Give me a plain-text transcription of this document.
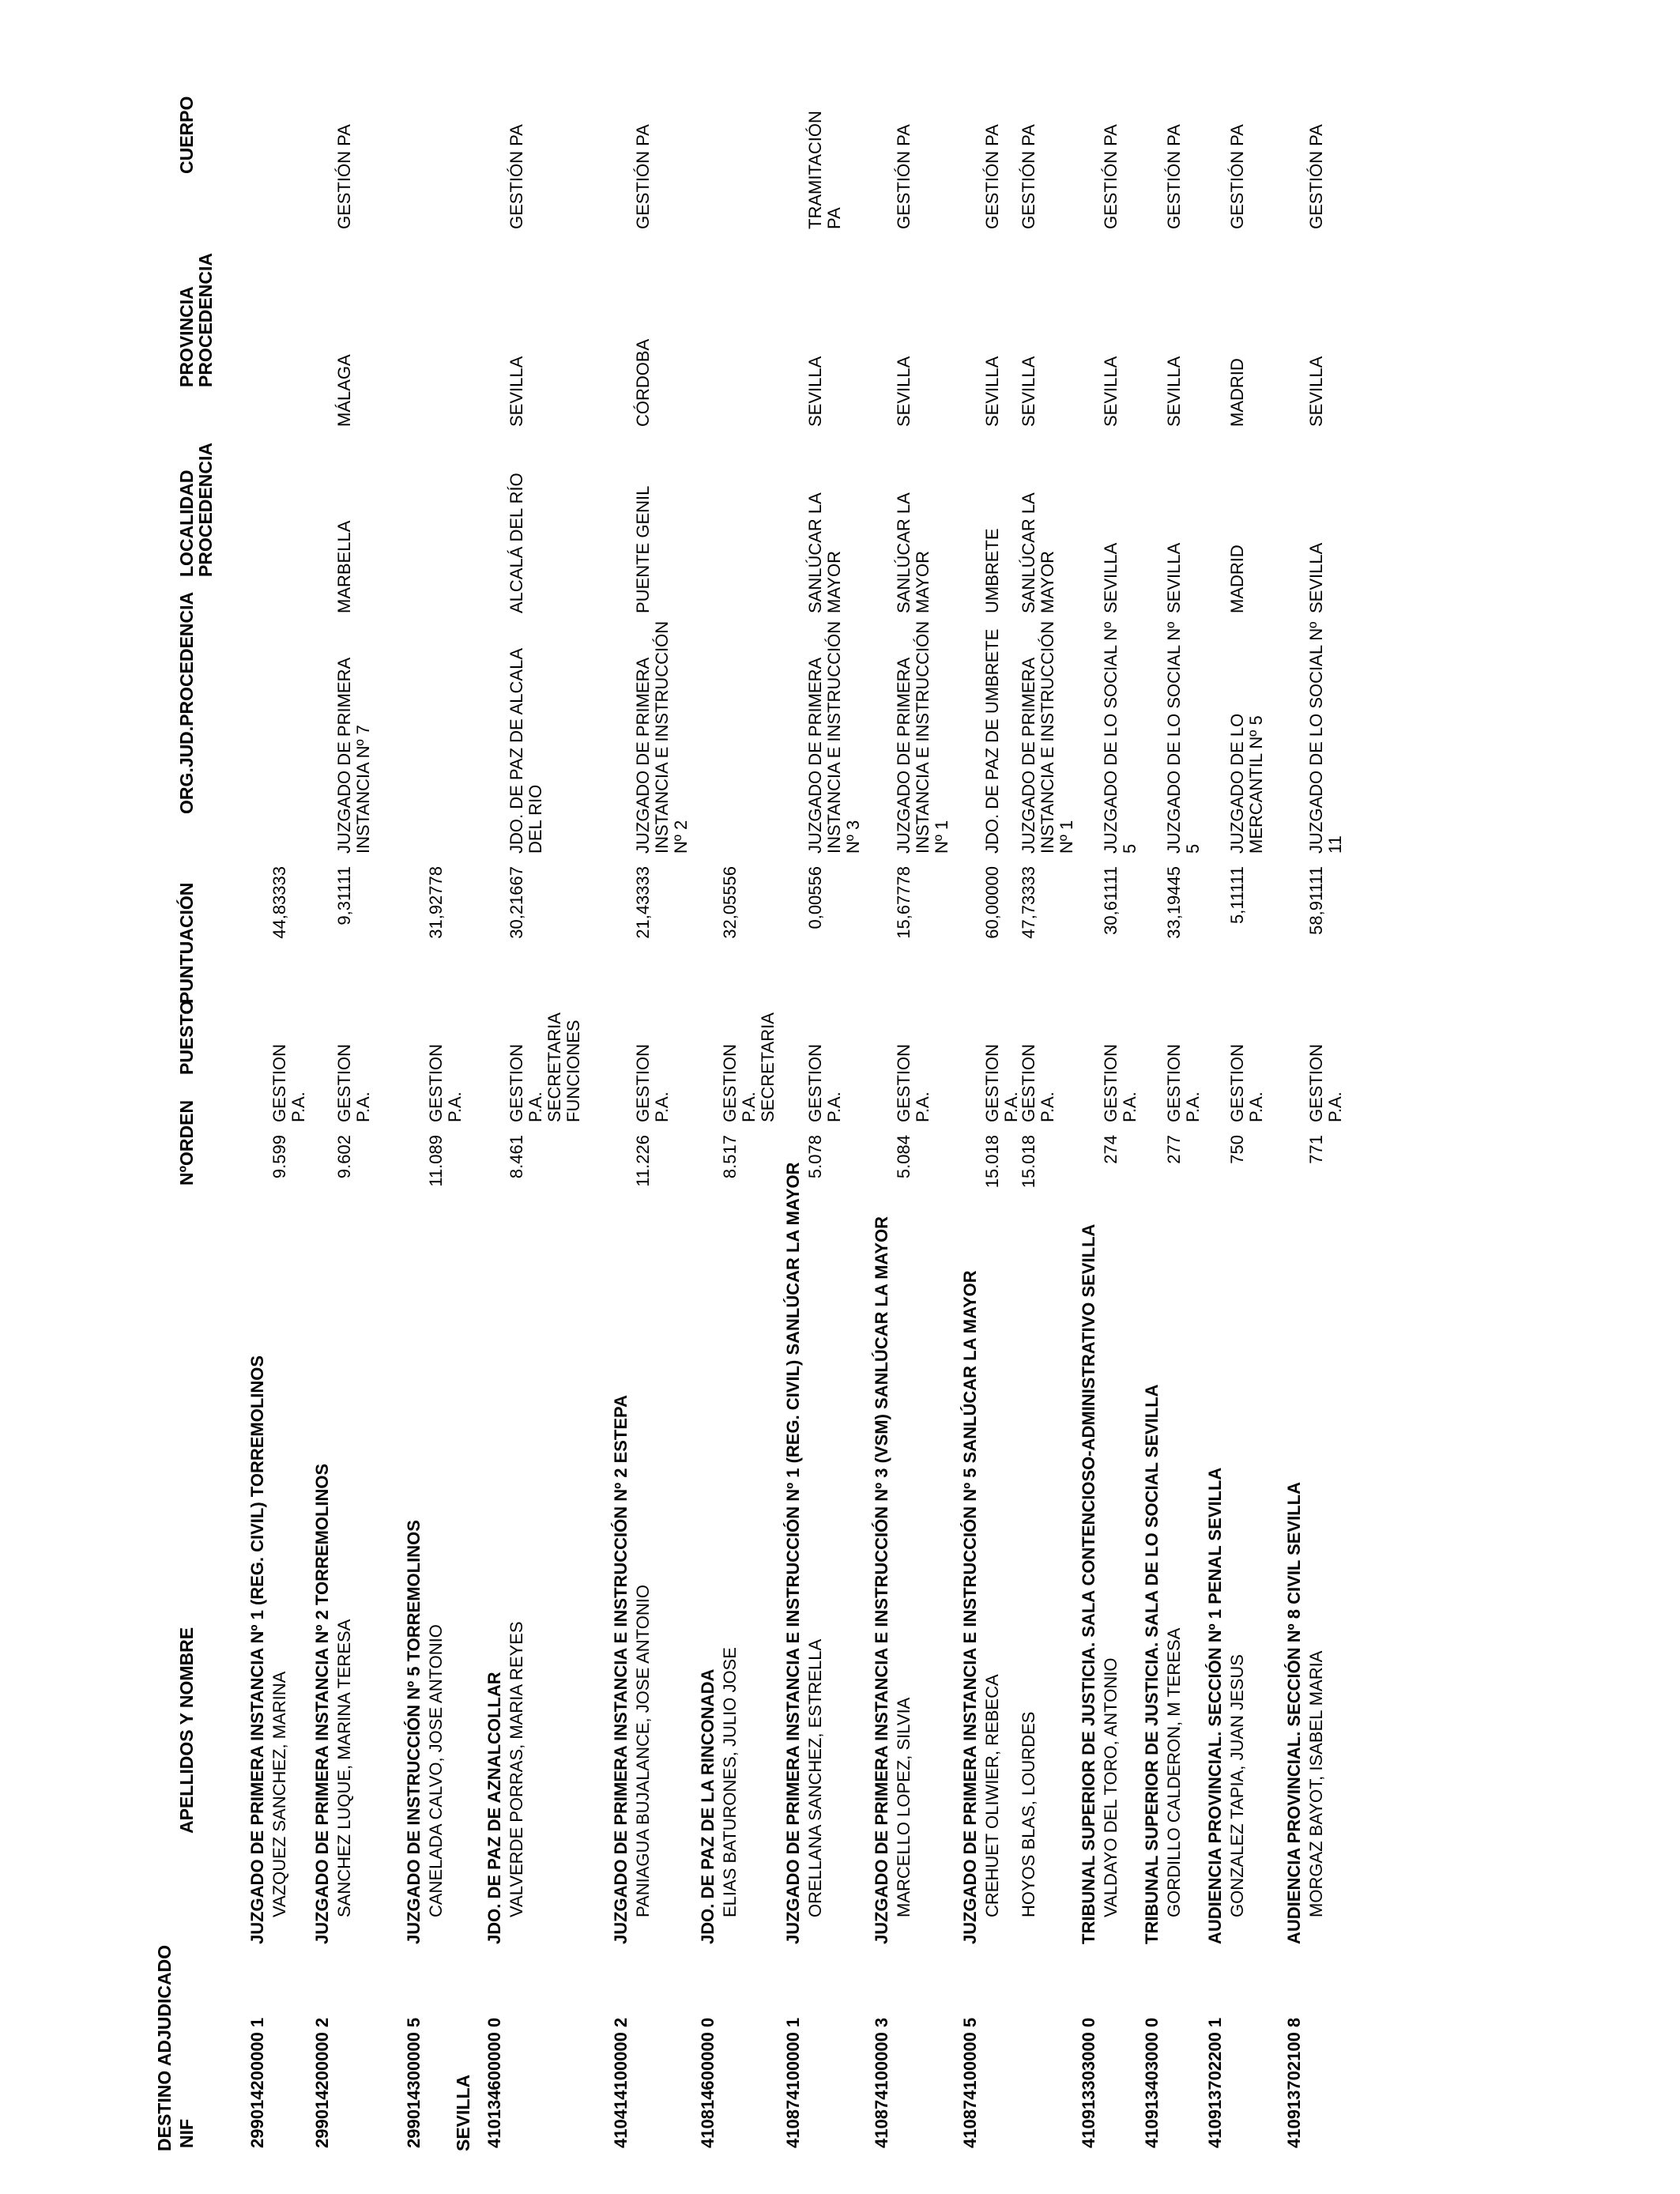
DESTINO ADJUDICADO NIF
APELLIDOS Y NOMBRE
NºORDEN
PUESTO
PUNTUACIÓN
ORG.JUD.PROCEDENCIA
LOCALIDAD PROCEDENCIA
PROVINCIA PROCEDENCIA
CUERPO
SEVILLA
299014200000 1
JUZGADO DE PRIMERA INSTANCIA Nº 1 (REG. CIVIL) TORREMOLINOS VAZQUEZ SANCHEZ, MARINA
9.599
GESTION P.A.
44,83333
299014200000 2
JUZGADO DE PRIMERA INSTANCIA Nº 2 TORREMOLINOS SANCHEZ LUQUE, MARINA TERESA
9.602
GESTION P.A.
9,31111
JUZGADO DE PRIMERA INSTANCIA Nº 7
MARBELLA
MÁLAGA
GESTIÓN PA
299014300000 5
JUZGADO DE INSTRUCCIÓN Nº 5 TORREMOLINOS CANELADA CALVO, JOSE ANTONIO
11.089
GESTION P.A.
31,92778
410134600000 0
JDO. DE PAZ DE AZNALCOLLAR VALVERDE PORRAS, MARIA REYES
8.461
GESTION P.A. SECRETARIA FUNCIONES
30,21667
JDO. DE PAZ DE ALCALA DEL RIO
ALCALÁ DEL RÍO
SEVILLA
GESTIÓN PA
410414100000 2
JUZGADO DE PRIMERA INSTANCIA E INSTRUCCIÓN Nº 2 ESTEPA PANIAGUA BUJALANCE, JOSE ANTONIO
11.226
GESTION P.A.
21,43333
JUZGADO DE PRIMERA INSTANCIA E INSTRUCCIÓN Nº 2
PUENTE GENIL
CÓRDOBA
GESTIÓN PA
410814600000 0
JDO. DE PAZ DE LA RINCONADA ELIAS BATURONES, JULIO JOSE
8.517
GESTION P.A. SECRETARIA
32,05556
410874100000 1
JUZGADO DE PRIMERA INSTANCIA E INSTRUCCIÓN Nº 1 (REG. CIVIL) SANLÚCAR LA MAYOR ORELLANA SANCHEZ, ESTRELLA
5.078
GESTION P.A.
0,00556
JUZGADO DE PRIMERA INSTANCIA E INSTRUCCIÓN Nº 3
SANLÚCAR LA MAYOR
SEVILLA
TRAMITACIÓN PA
410874100000 3
JUZGADO DE PRIMERA INSTANCIA E INSTRUCCIÓN Nº 3 (VSM) SANLÚCAR LA MAYOR MARCELLO LOPEZ, SILVIA
5.084
GESTION P.A.
15,67778
JUZGADO DE PRIMERA INSTANCIA E INSTRUCCIÓN Nº 1
SANLÚCAR LA MAYOR
SEVILLA
GESTIÓN PA
410874100000 5
JUZGADO DE PRIMERA INSTANCIA E INSTRUCCIÓN Nº 5 SANLÚCAR LA MAYOR CREHUET OLIWIER, REBECA
15.018
GESTION P.A.
60,00000
JDO. DE PAZ DE UMBRETE
UMBRETE
SEVILLA
GESTIÓN PA
HOYOS BLAS, LOURDES
15.018
GESTION P.A.
47,73333
JUZGADO DE PRIMERA INSTANCIA E INSTRUCCIÓN Nº 1
SANLÚCAR LA MAYOR
SEVILLA
GESTIÓN PA
410913303000 0
TRIBUNAL SUPERIOR DE JUSTICIA. SALA CONTENCIOSO-ADMINISTRATIVO SEVILLA VALDAYO DEL TORO, ANTONIO
274
GESTION P.A.
30,61111
JUZGADO DE LO SOCIAL Nº 5
SEVILLA
SEVILLA
GESTIÓN PA
410913403000 0
TRIBUNAL SUPERIOR DE JUSTICIA. SALA DE LO SOCIAL SEVILLA GORDILLO CALDERON, M TERESA
277
GESTION P.A.
33,19445
JUZGADO DE LO SOCIAL Nº 5
SEVILLA
SEVILLA
GESTIÓN PA
410913702200 1
AUDIENCIA PROVINCIAL. SECCIÓN Nº 1 PENAL SEVILLA GONZALEZ TAPIA, JUAN JESUS
750
GESTION P.A.
5,11111
JUZGADO DE LO MERCANTIL Nº 5
MADRID
MADRID
GESTIÓN PA
410913702100 8
AUDIENCIA PROVINCIAL. SECCIÓN Nº 8 CIVIL SEVILLA MORGAZ BAYOT, ISABEL MARIA
771
GESTION P.A.
58,91111
JUZGADO DE LO SOCIAL Nº 11
SEVILLA
SEVILLA
GESTIÓN PA
